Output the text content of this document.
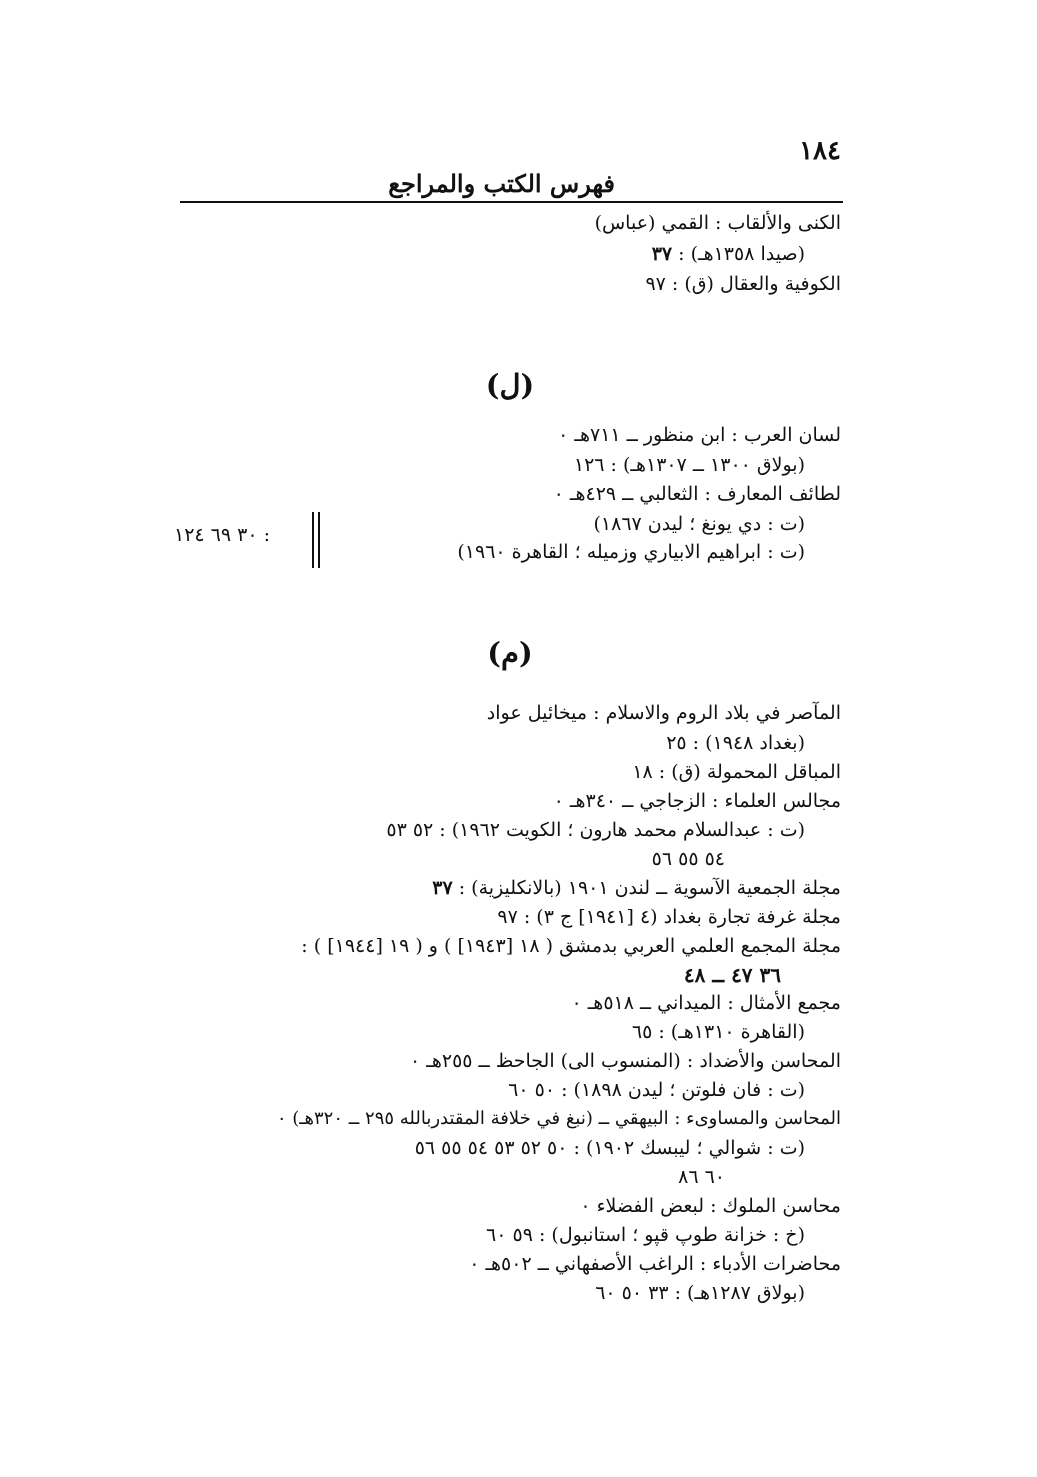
١٨٤
فهرس الكتب والمراجع
الكنى والألقاب : القمي (عباس)
(صيدا ١٣٥٨هـ) : ٣٧
الكوفية والعقال (ق) : ٩٧
(ل)
لسان العرب : ابن منظور ــ ٧١١هـ ٠
(بولاق ١٣٠٠ ــ ١٣٠٧هـ) : ١٢٦
لطائف المعارف : الثعالبي ــ ٤٢٩هـ ٠
(ت : دي يونغ ؛ ليدن ١٨٦٧)
(ت : ابراهيم الابياري وزميله ؛ القاهرة ١٩٦٠)
: ٣٠ ٦٩ ١٢٤
(م)
المآصر في بلاد الروم والاسلام : ميخائيل عواد
(بغداد ١٩٤٨) : ٢٥
المباقل المحمولة (ق) : ١٨
مجالس العلماء : الزجاجي ــ ٣٤٠هـ ٠
(ت : عبدالسلام محمد هارون ؛ الكويت ١٩٦٢) : ٥٢ ٥٣
٥٤ ٥٥ ٥٦
مجلة الجمعية الآسوية ــ لندن ١٩٠١ (بالانكليزية) : ٣٧
مجلة غرفة تجارة بغداد (٤ [١٩٤١] ج ٣) : ٩٧
مجلة المجمع العلمي العربي بدمشق ( ١٨ [١٩٤٣] ) و ( ١٩ [١٩٤٤] ) :
٣٦ ٤٧ ــ ٤٨
مجمع الأمثال : الميداني ــ ٥١٨هـ ٠
(القاهرة ١٣١٠هـ) : ٦٥
المحاسن والأضداد : (المنسوب الى) الجاحظ ــ ٢٥٥هـ ٠
(ت : فان فلوتن ؛ ليدن ١٨٩٨) : ٥٠ ٦٠
المحاسن والمساوىء : البيهقي ــ (نبغ في خلافة المقتدربالله ٢٩٥ ــ ٣٢٠هـ) ٠
(ت : شوالي ؛ ليبسك ١٩٠٢) : ٥٠ ٥٢ ٥٣ ٥٤ ٥٥ ٥٦
٦٠ ٨٦
محاسن الملوك : لبعض الفضلاء ٠
(خ : خزانة طوپ قپو ؛ استانبول) : ٥٩ ٦٠
محاضرات الأدباء : الراغب الأصفهاني ــ ٥٠٢هـ ٠
(بولاق ١٢٨٧هـ) : ٣٣ ٥٠ ٦٠
